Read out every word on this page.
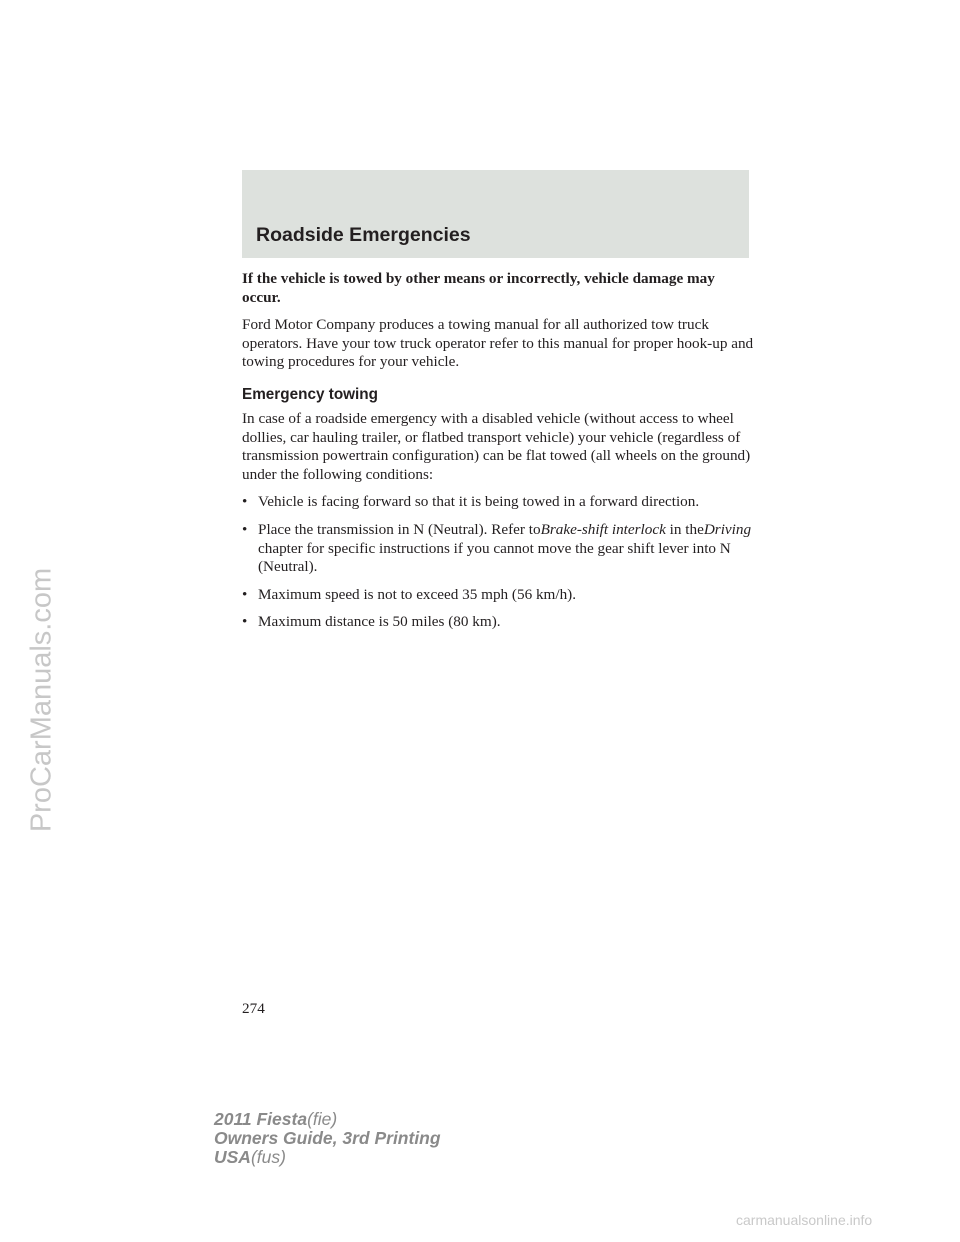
ProCarManuals.com
Roadside Emergencies

If the vehicle is towed by other means or incorrectly, vehicle damage may occur.

Ford Motor Company produces a towing manual for all authorized tow truck operators. Have your tow truck operator refer to this manual for proper hook-up and towing procedures for your vehicle.

Emergency towing

In case of a roadside emergency with a disabled vehicle (without access to wheel dollies, car hauling trailer, or flatbed transport vehicle) your vehicle (regardless of transmission powertrain configuration) can be flat towed (all wheels on the ground) under the following conditions:

• Vehicle is facing forward so that it is being towed in a forward direction.
• Place the transmission in N (Neutral). Refer toBrake-shift interlock in theDriving chapter for specific instructions if you cannot move the gear shift lever into N (Neutral).
• Maximum speed is not to exceed 35 mph (56 km/h).
• Maximum distance is 50 miles (80 km).
274
2011 Fiesta(fie)
Owners Guide, 3rd Printing
USA(fus)
carmanualsonline.info
